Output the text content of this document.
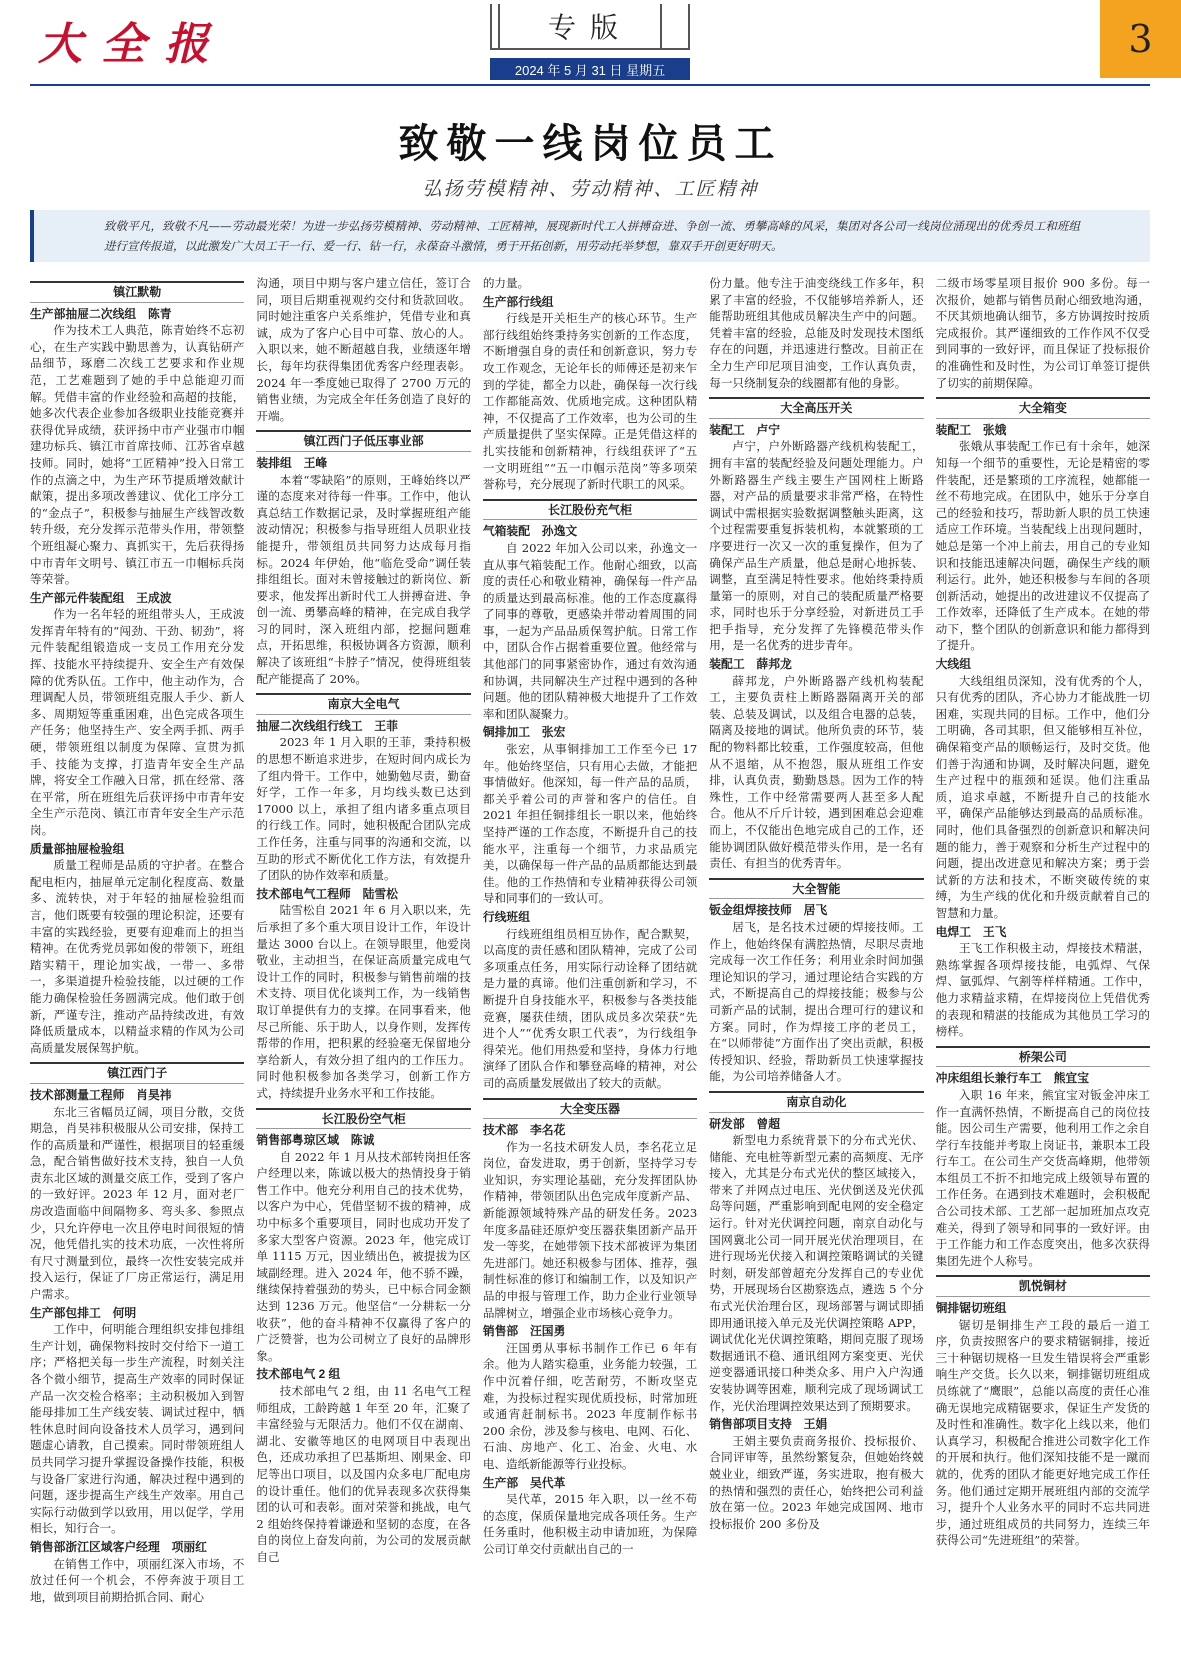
大 全 报	专版
2024 年 5 月 31 日 星期五
3
致敬一线岗位员工
弘扬劳模精神、劳动精神、工匠精神
致敬平凡，致敬不凡——劳动最光荣！为进一步弘扬劳模精神、劳动精神、工匠精神，展现新时代工人拼搏奋进、争创一流、勇攀高峰的风采，集团对各公司一线岗位涌现出的优秀员工和班组进行宣传报道，以此激发广大员工干一行、爱一行、钻一行，永葆奋斗激情，勇于开拓创新，用劳动托举梦想，靠双手开创更好明天。
镇江默勒
生产部抽屉二次线组　陈青
作为技术工人典范，陈青始终不忘初心，在生产实践中勤思善为，认真钻研产品细节，琢磨二次线工艺要求和作业规范，工艺难题到了她的手中总能迎刃而解。凭借丰富的作业经验和高超的技能，她多次代表企业参加各级职业技能竞赛并获得优异成绩，获评扬中市产业强市巾帼建功标兵、镇江市首席技师、江苏省卓越技师。同时，她将“工匠精神”投入日常工作的点滴之中，为生产环节提质增效献计献策，提出多项改善建议、优化工序分工的“金点子”，积极参与抽屉生产线智改数转升级，充分发挥示范带头作用，带领整个班组凝心聚力、真抓实干，先后获得扬中市青年文明号、镇江市五一巾帼标兵岗等荣誉。
生产部元件装配组　王成波
作为一名年轻的班组带头人，王成波发挥青年特有的“闯劲、干劲、韧劲”，将元件装配组锻造成一支员工作用充分发挥、技能水平持续提升、安全生产有效保障的优秀队伍。工作中，他主动作为，合理调配人员，带领班组克服人手少、新人多、周期短等重重困难，出色完成各项生产任务；他坚持生产、安全两手抓、两手硬，带领班组以制度为保障、宣贯为抓手、技能为支撑，打造青年安全生产品牌，将安全工作融入日常，抓在经常、落在平常，所在班组先后获评扬中市青年安全生产示范岗、镇江市青年安全生产示范岗。
质量部抽屉检验组
质量工程师是品质的守护者。在整合配电柜内，抽屉单元定制化程度高、数量多、流转快，对于年轻的抽屉检验组而言，他们既要有较强的理论积淀，还要有丰富的实践经验，更要有迎难而上的担当精神。在优秀党员郭如俊的带领下，班组踏实精干，理论加实战，一带一、多带一，多渠道提升检验技能，以过硬的工作能力确保检验任务圆满完成。他们敢于创新，严谨专注，推动产品持续改进，有效降低质量成本，以精益求精的作风为公司高质量发展保驾护航。
镇江西门子
技术部测量工程师　肖昊祎
东北三省幅员辽阔，项目分散，交货期急，肖昊祎积极服从公司安排，保持工作的高质量和严谨性，根据项目的轻重缓急，配合销售做好技术支持，独自一人负责东北区域的测量交底工作，受到了客户的一致好评。2023 年 12 月，面对老厂房改造面临中间隔物多、弯头多、参照点少，只允许停电一次且停电时间很短的情况，他凭借扎实的技术功底，一次性将所有尺寸测量到位，最终一次性安装完成并投入运行，保证了厂房正常运行，满足用户需求。
生产部包排工　何明
工作中，何明能合理组织安排包排组生产计划，确保物料按时交付给下一道工序；严格把关每一步生产流程，时刻关注各个微小细节，提高生产效率的同时保证产品一次交检合格率；主动积极加入到智能母排加工生产线安装、调试过程中，牺牲休息时间向设备技术人员学习，遇到问题虚心请教，自己摸索。同时带领班组人员共同学习提升掌握设备操作技能，积极与设备厂家进行沟通，解决过程中遇到的问题，逐步提高生产线生产效率。用自己实际行动做到学以致用，用以促学，学用相长，知行合一。
销售部浙江区域客户经理　项丽红
在销售工作中，项丽红深入市场，不放过任何一个机会，不停奔波于项目工地，做到项目前期拾抓合同、耐心
沟通，项目中期与客户建立信任，签订合同，项目后期重视观约交付和货款回收。同时她注重客户关系维护，凭借专业和真诚，成为了客户心目中可靠、放心的人。入职以来，她不断超越自我，业绩逐年增长，每年均获得集团优秀客户经理表彰。2024 年一季度她已取得了 2700 万元的销售业绩，为完成全年任务创造了良好的开端。
镇江西门子低压事业部
装排组　王峰
本着“零缺陷”的原则，王峰始终以严谨的态度来对待每一件事。工作中，他认真总结工作数据记录，及时掌握班组产能波动情况；积极参与指导班组人员职业技能提升，带领组员共同努力达成每月指标。2024 年伊始，他“临危受命”调任装排组组长。面对未曾接触过的新岗位、新要求，他发挥出新时代工人拼搏奋进、争创一流、勇攀高峰的精神，在完成自我学习的同时，深入班组内部，挖掘问题难点，开拓思维，积极协调各方资源，顺利解决了该班组“卡脖子”情况，使得班组装配产能提高了 20%。
南京大全电气
抽屉二次线组行线工　王菲
2023 年 1 月入职的王菲，秉持积极的思想不断追求进步，在短时间内成长为了组内骨干。工作中，她勤勉尽责，勤奋好学，工作一年多，月均线头数已达到 17000 以上，承担了组内诸多重点项目的行线工作。同时，她积极配合团队完成工作任务，注重与同事的沟通和交流，以互助的形式不断优化工作方法，有效提升了团队的协作效率和质量。
技术部电气工程师　陆雪松
陆雪松自 2021 年 6 月入职以来，先后承担了多个重大项目设计工作，年设计量达 3000 台以上。在领导眼里，他爱岗敬业，主动担当，在保证高质量完成电气设计工作的同时，积极参与销售前端的技术支持、项目优化谈判工作，为一线销售取订单提供有力的支撑。在同事看来，他尽己所能、乐于助人，以身作则，发挥传帮带的作用，把积累的经验毫无保留地分享给新人，有效分担了组内的工作压力。同时他积极参加各类学习，创新工作方式，持续提升业务水平和工作技能。
长江股份空气柜
销售部粤琼区域　陈诚
自 2022 年 1 月从技术部转岗担任客户经理以来，陈诚以极大的热情投身于销售工作中。他充分利用自己的技术优势，以客户为中心，凭借坚韧不拔的精神，成功中标多个重要项目，同时也成功开发了多家大型客户资源。2023 年，他完成订单 1115 万元，因业绩出色，被提拔为区域副经理。进入 2024 年，他不骄不躁，继续保持着强劲的势头，已中标合同金额达到 1236 万元。他坚信“一分耕耘一分收获”，他的奋斗精神不仅赢得了客户的广泛赞誉，也为公司树立了良好的品牌形象。
技术部电气 2 组
技术部电气 2 组，由 11 名电气工程师组成，工龄跨越 1 年至 20 年，汇聚了丰富经验与无限活力。他们不仅在湖南、湖北、安徽等地区的电网项目中表现出色，还成功承担了巴基斯坦、刚果金、印尼等出口项目，以及国内众多电厂配电房的设计重任。他们的优异表现多次获得集团的认可和表彰。面对荣誉和挑战，电气 2 组始终保持着谦逊和坚韧的态度，在各自的岗位上奋发向前，为公司的发展贡献自己
的力量。
生产部行线组
行线是开关柜生产的核心环节。生产部行线组始终秉持务实创新的工作态度，不断增强自身的责任和创新意识，努力专攻工作观念，无论年长的师傅还是初来乍到的学徒，都全力以赴，确保每一次行线工作都能高效、优质地完成。这种团队精神，不仅提高了工作效率，也为公司的生产质量提供了坚实保障。正是凭借这样的扎实技能和创新精神，行线组获评了“五一文明班组”“五一巾帼示范岗”等多项荣誉称号，充分展现了新时代职工的风采。
长江股份充气柜
气箱装配　孙逸文
自 2022 年加入公司以来，孙逸文一直从事气箱装配工作。他耐心细致，以高度的责任心和敬业精神，确保每一件产品的质量达到最高标准。他的工作态度赢得了同事的尊敬，更感染并带动着周围的同事，一起为产品品质保驾护航。日常工作中，团队合作占据着重要位置。他经常与其他部门的同事紧密协作，通过有效沟通和协调，共同解决生产过程中遇到的各种问题。他的团队精神极大地提升了工作效率和团队凝聚力。
铜排加工　张宏
张宏，从事铜排加工工作至今已 17 年。他始终坚信，只有用心去做，才能把事情做好。他深知，每一件产品的品质，都关乎着公司的声誉和客户的信任。自 2021 年担任铜排组长一职以来，他始终坚持严谨的工作态度，不断提升自己的技能水平，注重每一个细节，力求品质完美，以确保每一件产品的品质都能达到最佳。他的工作热情和专业精神获得公司领导和同事们的一致认可。
行线班组
行线班组组员相互协作，配合默契，以高度的责任感和团队精神，完成了公司多项重点任务，用实际行动诠释了团结就是力量的真谛。他们注重创新和学习，不断提升自身技能水平，积极参与各类技能竞赛，屡获佳绩，团队成员多次荣获“先进个人”“优秀女职工代表”，为行线组争得荣光。他们用热爱和坚持，身体力行地演绎了团队合作和攀登高峰的精神，对公司的高质量发展做出了较大的贡献。
大全变压器
技术部　李名花
作为一名技术研发人员，李名花立足岗位，奋发进取，勇于创新，坚持学习专业知识，夯实理论基础，充分发挥团队协作精神，带领团队出色完成年度新产品、新能源领域特殊产品的研发任务。2023 年度多晶硅还原炉变压器获集团新产品开发一等奖，在她带领下技术部被评为集团先进部门。她还积极参与团体、推荐，强制性标准的修订和编制工作，以及知识产品的申报与管理工作，助力企业行业领导品牌树立，增强企业市场核心竞争力。
销售部　汪国勇
汪国勇从事标书制作工作已 6 年有余。他为人踏实稳重，业务能力较强，工作中沉着仔细，吃苦耐劳，不断攻坚克难，为投标过程实现优质投标，时常加班或通宵赶制标书。2023 年度制作标书 200 余份，涉及参与核电、电网、石化、石油、房地产、化工、冶金、火电、水电、造纸新能源等行业投标。
生产部　吴代革
吴代革，2015 年入职，以一丝不苟的态度，保质保量地完成各项任务。生产任务重时，他积极主动申请加班，为保障公司订单交付贡献出自己的一
份力量。他专注于油变绕线工作多年，积累了丰富的经验，不仅能够培养新人，还能帮助班组其他成员解决生产中的问题。凭着丰富的经验，总能及时发现技术图纸存在的问题，并迅速进行整改。目前正在全力生产印尼项目油变，工作认真负责，每一只绕制复杂的线圈都有他的身影。
大全高压开关
装配工　卢宁
卢宁，户外断路器产线机构装配工，拥有丰富的装配经验及问题处理能力。户外断路器生产线主要生产国网柱上断路器，对产品的质量要求非常严格，在特性调试中需根据实验数据调整触头距离，这个过程需要重复拆装机构，本就繁琐的工序要进行一次又一次的重复操作，但为了确保产品生产质量，他总是耐心地拆装、调整，直至满足特性要求。他始终秉持质量第一的原则，对自己的装配质量严格要求，同时也乐于分享经验，对新进员工手把手指导，充分发挥了先锋模范带头作用，是一名优秀的进步青年。
装配工　薛邦龙
薛邦龙，户外断路器产线机构装配工，主要负责柱上断路器隔离开关的部装、总装及调试，以及组合电器的总装，隔离及接地的调试。他所负责的环节，装配的物料都比较重，工作强度较高，但他从不退缩，从不抱怨，服从班组工作安排，认真负责，勤勤恳恳。因为工作的特殊性，工作中经常需要两人甚至多人配合。他从不斤斤计较，遇到困难总会迎难而上，不仅能出色地完成自己的工作，还能协调团队做好模范带头作用，是一名有责任、有担当的优秀青年。
大全智能
钣金组焊接技师　居飞
居飞，是名技术过硬的焊接技师。工作上，他始终保有满腔热情，尽职尽责地完成每一次工作任务；利用业余时间加强理论知识的学习，通过理论结合实践的方式，不断提高自己的焊接技能；极参与公司新产品的试制，提出合理可行的建议和方案。同时，作为焊接工序的老员工，在“以师带徒”方面作出了突出贡献，积极传授知识、经验，帮助新员工快速掌握技能，为公司培养储备人才。
南京自动化
研发部　曾超
新型电力系统背景下的分布式光伏、储能、充电桩等新型元素的高频度、无序接入，尤其是分布式光伏的整区域接入，带来了并网点过电压、光伏倒送及光伏孤岛等问题，严重影响到配电网的安全稳定运行。针对光伏调控问题，南京自动化与国网冀北公司一同开展光伏治理项目，在进行现场光伏接入和调控策略调试的关键时刻，研发部曾超充分发挥自己的专业优势，开展现场台区勘察选点，遴选 5 个分布式光伏治理台区，现场部署与调试即插即用通讯接入单元及光伏调控策略 APP，调试优化光伏调控策略，期间克服了现场数据通讯不稳、通讯组网方案变更、光伏逆变器通讯接口种类众多、用户入户沟通安装协调等困难，顺利完成了现场调试工作，光伏治理调控效果达到了预期要求。
销售部项目支持　王娟
王娟主要负责商务报价、投标报价、合同评审等，虽然纷繁复杂，但她始终兢兢业业，细致严谨，务实进取，抱有极大的热情和强烈的责任心，始终把公司利益放在第一位。2023 年她完成国网、地市投标报价 200 多份及
二级市场零星项目报价 900 多份。每一次报价，她都与销售员耐心细致地沟通，不厌其烦地确认细节，多方协调按时按质完成报价。其严谨细致的工作作风不仅受到同事的一致好评，而且保证了投标报价的准确性和及时性，为公司订单签订提供了切实的前期保障。
大全箱变
装配工　张娥
张娥从事装配工作已有十余年，她深知每一个细节的重要性，无论是精密的零件装配，还是繁琐的工序流程，她都能一丝不苟地完成。在团队中，她乐于分享自己的经验和技巧，帮助新人职的员工快速适应工作环境。当装配线上出现问题时，她总是第一个冲上前去，用自己的专业知识和技能迅速解决问题，确保生产线的顺利运行。此外，她还积极参与车间的各项创新活动，她提出的改进建议不仅提高了工作效率，还降低了生产成本。在她的带动下，整个团队的创新意识和能力都得到了提升。
大线组
大线组组员深知，没有优秀的个人，只有优秀的团队，齐心协力才能战胜一切困难，实现共同的目标。工作中，他们分工明确，各司其职，但又能够相互补位，确保箱变产品的顺畅运行，及时交货。他们善于沟通和协调，及时解决问题，避免生产过程中的瓶颈和延误。他们注重品质，追求卓越，不断提升自己的技能水平，确保产品能够达到最高的品质标准。同时，他们具备强烈的创新意识和解决问题的能力，善于观察和分析生产过程中的问题，提出改进意见和解决方案；勇于尝试新的方法和技术，不断突破传统的束缚，为生产线的优化和升级贡献着自己的智慧和力量。
电焊工　王飞
王飞工作积极主动，焊接技术精湛，熟练掌握各项焊接技能，电弧焊、气保焊、氩弧焊、气割等样样精通。工作中，他力求精益求精，在焊接岗位上凭借优秀的表现和精湛的技能成为其他员工学习的榜样。
桥架公司
冲床组组长兼行车工　熊宜宝
入职 16 年来，熊宜宝对钣金冲床工作一直满怀热情，不断提高自己的岗位技能。因公司生产需要，他利用工作之余自学行车技能并考取上岗证书，兼职本工段行车工。在公司生产交货高峰期，他带领本组员工不折不扣地完成上级领导布置的工作任务。在遇到技术难题时，会积极配合公司技术部、工艺部一起加班加点攻克难关，得到了领导和同事的一致好评。由于工作能力和工作态度突出，他多次获得集团先进个人称号。
凯悦铜材
铜排锯切班组
锯切是铜排生产工段的最后一道工序，负责按照客户的要求精锯铜排，接近三十种锯切规格一旦发生错误将会严重影响生产交货。长久以来，铜排锯切班组成员练就了“鹰眼”，总能以高度的责任心准确无误地完成精锯要求，保证生产发货的及时性和准确性。数字化上线以来，他们认真学习，积极配合推进公司数字化工作的开展和执行。他们深知技能不是一蹴而就的，优秀的团队才能更好地完成工作任务。他们通过定期开展班组内部的交流学习，提升个人业务水平的同时不忘共同进步，通过班组成员的共同努力，连续三年获得公司“先进班组”的荣誉。
